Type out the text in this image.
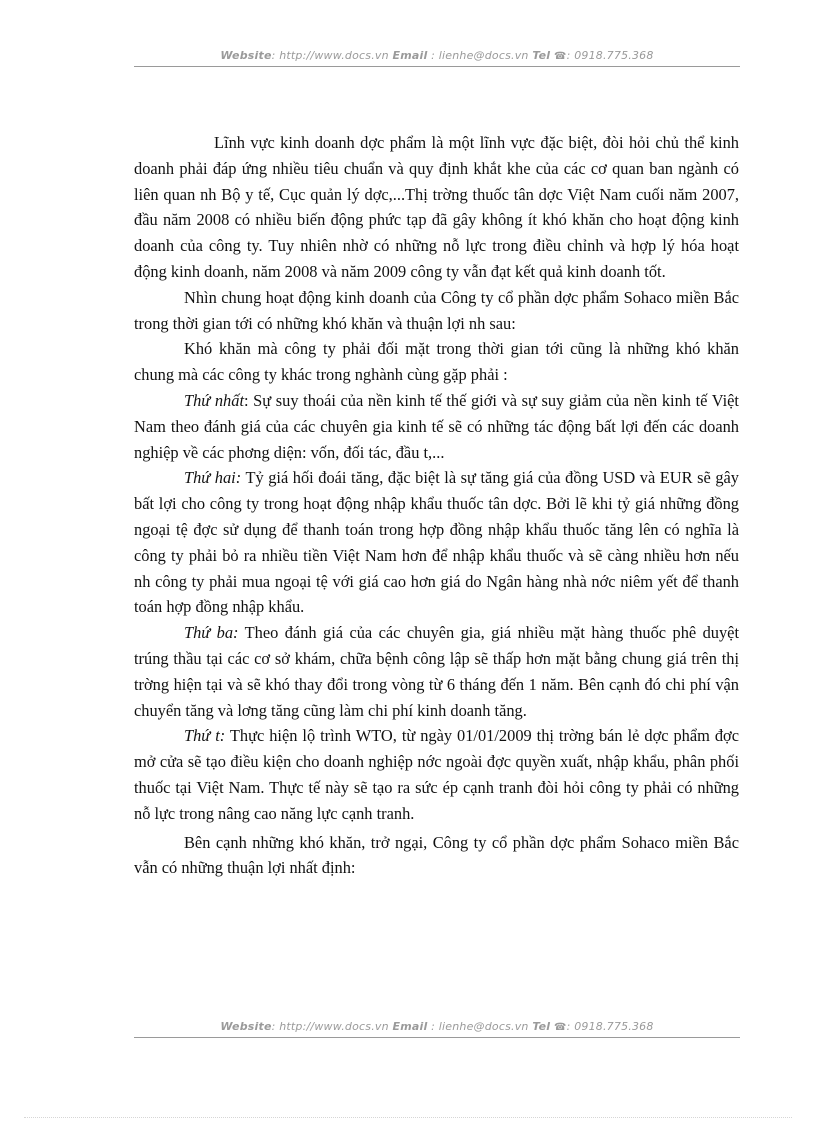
Website: http://www.docs.vn Email : lienhe@docs.vn Tel ☎: 0918.775.368

Lĩnh vực kinh doanh dợc phẩm là một lĩnh vực đặc biệt, đòi hỏi chủ thể kinh doanh phải đáp ứng nhiều tiêu chuẩn và quy định khắt khe của các cơ quan ban ngành có liên quan nh Bộ y tế, Cục quản lý dợc,...Thị trờng thuốc tân dợc Việt Nam cuối năm 2007, đầu năm 2008 có nhiều biến động phức tạp đã gây không ít khó khăn cho hoạt động kinh doanh của công ty. Tuy nhiên nhờ có những nỗ lực trong điều chỉnh và hợp lý hóa hoạt động kinh doanh, năm 2008 và năm 2009 công ty vẫn đạt kết quả kinh doanh tốt.

Nhìn chung hoạt động kinh doanh của Công ty cổ phần dợc phẩm Sohaco miền Bắc trong thời gian tới có những khó khăn và thuận lợi nh sau:

Khó khăn mà công ty phải đối mặt trong thời gian tới cũng là những khó khăn chung mà các công ty khác trong nghành cùng gặp phải :

Thứ nhất: Sự suy thoái của nền kinh tế thế giới và sự suy giảm của nền kinh tế Việt Nam theo đánh giá của các chuyên gia kinh tế sẽ có những tác động bất lợi đến các doanh nghiệp về các phơng diện: vốn, đối tác, đầu t,...

Thứ hai: Tỷ giá hối đoái tăng, đặc biệt là sự tăng giá của đồng USD và EUR sẽ gây bất lợi cho công ty trong hoạt động nhập khẩu thuốc tân dợc. Bởi lẽ khi tỷ giá những đồng ngoại tệ đợc sử dụng để thanh toán trong hợp đồng nhập khẩu thuốc tăng lên có nghĩa là công ty phải bỏ ra nhiều tiền Việt Nam hơn để nhập khẩu thuốc và sẽ càng nhiều hơn nếu nh công ty phải mua ngoại tệ với giá cao hơn giá do Ngân hàng nhà nớc niêm yết để thanh toán hợp đồng nhập khẩu.

Thứ ba: Theo đánh giá của các chuyên gia, giá nhiều mặt hàng thuốc phê duyệt trúng thầu tại các cơ sở khám, chữa bệnh công lập sẽ thấp hơn mặt bằng chung giá trên thị trờng hiện tại và sẽ khó thay đổi trong vòng từ 6 tháng đến 1 năm. Bên cạnh đó chi phí vận chuyển tăng và lơng tăng cũng làm chi phí kinh doanh tăng.

Thứ t: Thực hiện lộ trình WTO, từ ngày 01/01/2009 thị trờng bán lẻ dợc phẩm đợc mở cửa sẽ tạo điều kiện cho doanh nghiệp nớc ngoài đợc quyền xuất, nhập khẩu, phân phối thuốc tại Việt Nam. Thực tế này sẽ tạo ra sức ép cạnh tranh đòi hỏi công ty phải có những nỗ lực trong nâng cao năng lực cạnh tranh.

Bên cạnh những khó khăn, trở ngại, Công ty cổ phần dợc phẩm Sohaco miền Bắc vẫn có những thuận lợi nhất định:

Website: http://www.docs.vn Email : lienhe@docs.vn Tel ☎: 0918.775.368
